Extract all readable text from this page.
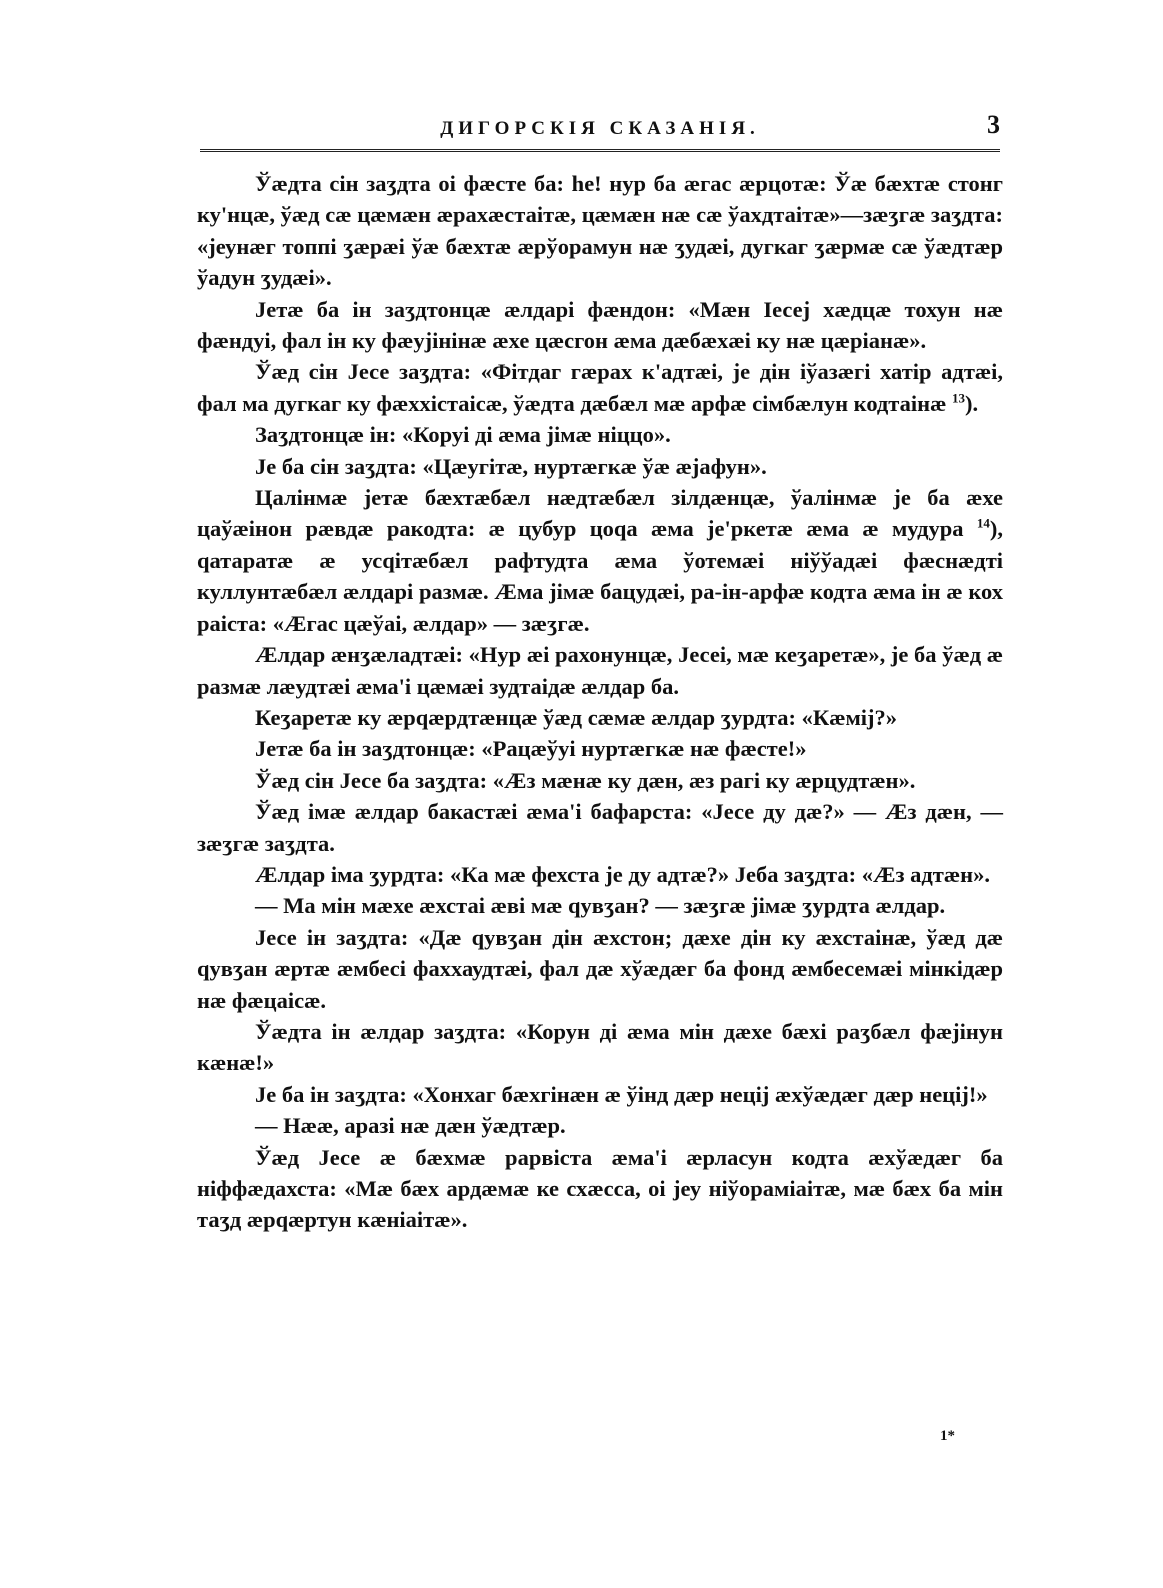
ДИГОРСКІЯ СКАЗАНІЯ.	3

Ўӕдта сін заӡдта оі фӕсте ба: hе! нур ба ӕгас ӕрцотӕ: Ўӕ бӕхтӕ стонг ку'нцӕ, ўӕд сӕ цӕмӕн ӕрахӕстаітӕ, цӕмӕн нӕ сӕ ўахдтаітӕ»—зӕӡгӕ заӡдта: «јеунӕг топпі ӡӕрӕі ўӕ бӕхтӕ ӕрўорамун нӕ ӡудӕі, дугкаг ӡӕрмӕ сӕ ўӕдтӕр ўадун ӡудӕі».

Јетӕ ба ін заӡдтонцӕ ӕлдарі фӕндон: «Мӕн Іесеј хӕдцӕ тохун нӕ фӕндуі, фал ін ку фӕујінінӕ ӕхе цӕсгон ӕма дӕбӕхӕі ку нӕ цӕріанӕ».

Ўӕд сін Јесе заӡдта: «Фітдаг гӕрах к'адтӕі, јe дін іўазӕгі хатір адтӕі, фал ма дугкаг ку фӕххістаісӕ, ўӕдта дӕбӕл мӕ арфӕ сімбӕлун кодтаінӕ $^{13}$).

Заӡдтонцӕ ін: «Коруі ді ӕма јімӕ ніццо».

Јe ба сін заӡдта: «Цӕугітӕ, нуртӕгкӕ ўӕ ӕјафун».

Цалінмӕ јетӕ бӕхтӕбӕл нӕдтӕбӕл зілдӕнцӕ, ўалінмӕ јe ба ӕхе цаўӕінон рӕвдӕ ракодта: ӕ цубур цоqа ӕма јe'ркетӕ ӕма ӕ мудура $^{14}$), qатаратӕ ӕ усqітӕбӕл рафтудта ӕма ўотемӕі ніўўадӕі фӕснӕдті куллунтӕбӕл ӕлдарі размӕ. Ӕма јімӕ бацудӕі, ра-ін-арфӕ кодта ӕма ін ӕ кох раіста: «Ӕгас цӕўаі, ӕлдар» — зӕӡгӕ.

Ӕлдар ӕнӡӕладтӕі: «Нур ӕі рахонунцӕ, Јесеі, мӕ кеӡаретӕ», јe ба ўӕд ӕ размӕ лӕудтӕі ӕма'і цӕмӕі зудтаідӕ ӕлдар ба.

Кеӡаретӕ ку ӕрqӕрдтӕнцӕ ўӕд сӕмӕ ӕлдар ӡурдта: «Кӕміј?»

Јетӕ ба ін заӡдтонцӕ: «Рацӕўуі нуртӕгкӕ нӕ фӕсте!»

Ўӕд сін Јесе ба заӡдта: «Ӕз мӕнӕ ку дӕн, ӕз рагі ку ӕрцудтӕн».

Ўӕд імӕ ӕлдар бакастӕі ӕма'і бафарста: «Јесе ду дӕ?» — Ӕз дӕн, — зӕӡгӕ заӡдта.

Ӕлдар іма ӡурдта: «Ка мӕ фехста јe ду адтӕ?» Јеба заӡдта: «Ӕз адтӕн».

— Ма мін мӕхе ӕхстаі ӕві мӕ qувӡан? — зӕӡгӕ јімӕ ӡурдта ӕлдар.

Јесе ін заӡдта: «Дӕ qувӡан дін ӕхстон; дӕхе дін ку ӕхстаінӕ, ўӕд дӕ qувӡан ӕртӕ ӕмбесі фаххаудтӕі, фал дӕ хўӕдӕг ба фонд ӕмбесемӕі мінкідӕр нӕ фӕцаісӕ.

Ўӕдта ін ӕлдар заӡдта: «Корун ді ӕма мін дӕхе бӕхі раӡбӕл фӕјінун кӕнӕ!»

Јe ба ін заӡдта: «Хонхаг бӕхгінӕн ӕ ўінд дӕр неціј ӕхўӕдӕг дӕр неціј!»

— Нӕӕ, аразі нӕ дӕн ўӕдтӕр.

Ўӕд Јесе ӕ бӕхмӕ рарвіста ӕма'і ӕрласун кодта ӕхўӕдӕг ба ніффӕдахста: «Мӕ бӕх ардӕмӕ ке схӕсса, оі јеу ніўораміаітӕ, мӕ бӕх ба мін таӡд ӕрqӕртун кӕніаітӕ».

1*
